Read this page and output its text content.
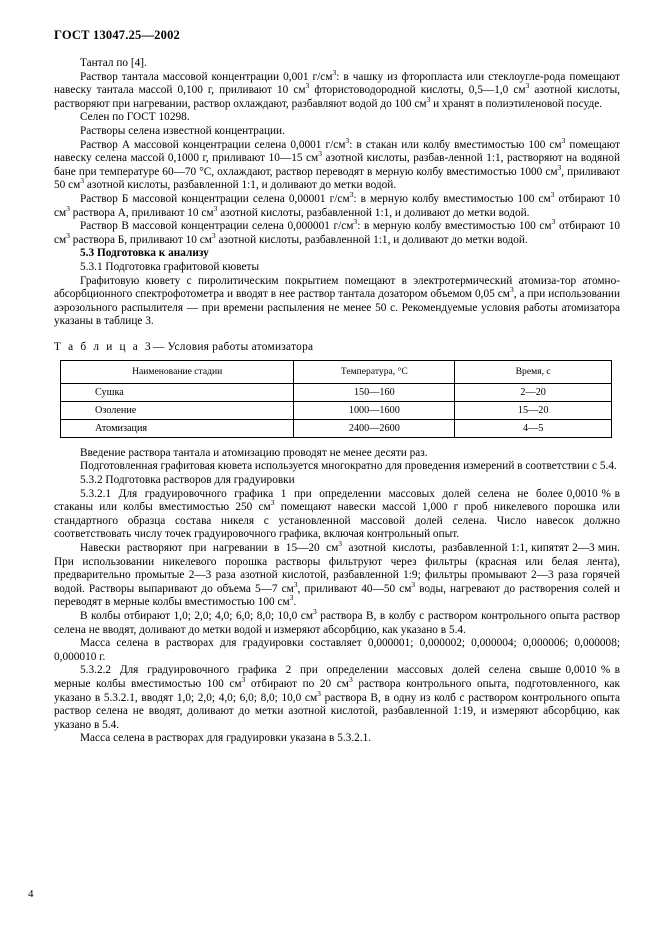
ГОСТ 13047.25—2002

Тантал по [4].

Раствор тантала массовой концентрации 0,001 $г/см^3$: в чашку из фторопласта или стеклоугле-рода помещают навеску тантала массой 0,100 г, приливают 10 $см^3$ фтористоводородной кислоты, 0,5—1,0 $см^3$ азотной кислоты, растворяют при нагревании, раствор охлаждают, разбавляют водой до 100 $см^3$ и хранят в полиэтиленовой посуде.

Селен по ГОСТ 10298.

Растворы селена известной концентрации.

Раствор А массовой концентрации селена 0,0001 $г/см^3$: в стакан или колбу вместимостью 100 $см^3$ помещают навеску селена массой 0,1000 г, приливают 10—15 $см^3$ азотной кислоты, разбав-ленной 1:1, растворяют на водяной бане при температуре 60—70 °С, охлаждают, раствор переводят в мерную колбу вместимостью 1000 $см^3$, приливают 50 $см^3$ азотной кислоты, разбавленной 1:1, и доливают до метки водой.

Раствор Б массовой концентрации селена 0,00001 $г/см^3$: в мерную колбу вместимостью 100 $см^3$ отбирают 10 $см^3$ раствора А, приливают 10 $см^3$ азотной кислоты, разбавленной 1:1, и доливают до метки водой.

Раствор В массовой концентрации селена 0,000001 $г/см^3$: в мерную колбу вместимостью 100 $см^3$ отбирают 10 $см^3$ раствора Б, приливают 10 $см^3$ азотной кислоты, разбавленной 1:1, и доливают до метки водой.

5.3 Подготовка к анализу

5.3.1 Подготовка графитовой кюветы

Графитовую кювету с пиролитическим покрытием помещают в электротермический атомиза-тор атомно-абсорбционного спектрофотометра и вводят в нее раствор тантала дозатором объемом 0,05 $см^3$, а при использовании аэрозольного распылителя — при времени распыления не менее 50 с. Рекомендуемые условия работы атомизатора указаны в таблице 3.

Т а б л и ц а 3— Условия работы атомизатора
Наименование стадии	Температура, °С	Время, с
Сушка	150—160	2—20
Озоление	1000—1600	15—20
Атомизация	2400—2600	4—5

Введение раствора тантала и атомизацию проводят не менее десяти раз.

Подготовленная графитовая кювета используется многократно для проведения измерений в соответствии с 5.4.

5.3.2 Подготовка растворов для градуировки

5.3.2.1  Для  градуировочного  графика  1  при  определении  массовых  долей  селена  не  более 0,0010 % в стаканы или колбы вместимостью 250 $см^3$ помещают навески массой 1,000 г проб никелевого порошка или стандартного образца состава никеля с установленной массовой долей селена. Число навесок должно соответствовать числу точек градуировочного графика, включая контрольный опыт.

Навески  растворяют  при  нагревании  в  15—20  $см^3$  азотной  кислоты,  разбавленной 1:1, кипятят 2—3 мин. При использовании никелевого порошка растворы фильтруют через фильтры (красная или белая лента), предварительно промытые 2—3 раза азотной кислотой, разбавленной 1:9; фильтры промывают 2—3 раза горячей водой. Растворы выпаривают до объема 5—7 $см^3$, приливают 40—50 $см^3$ воды, нагревают до растворения солей и переводят в мерные колбы вместимостью 100 $см^3$.

В колбы отбирают 1,0; 2,0; 4,0; 6,0; 8,0; 10,0 $см^3$ раствора В, в колбу с раствором контрольного опыта раствор селена не вводят, доливают до метки водой и измеряют абсорбцию, как указано в 5.4.

Масса селена в растворах для градуировки составляет 0,000001; 0,000002; 0,000004; 0,000006; 0,000008; 0,000010 г.

5.3.2.2  Для  градуировочного  графика  2  при  определении  массовых  долей  селена  свыше 0,0010 % в мерные колбы вместимостью 100 $см^3$ отбирают по 20 $см^3$ раствора контрольного опыта, подготовленного, как указано в 5.3.2.1, вводят 1,0; 2,0; 4,0; 6,0; 8,0; 10,0 $см^3$ раствора В, в одну из колб с раствором контрольного опыта раствор селена не вводят, доливают до метки азотной кислотой, разбавленной 1:19, и измеряют абсорбцию, как указано в 5.4.

Масса селена в растворах для градуировки указана в 5.3.2.1.

4
